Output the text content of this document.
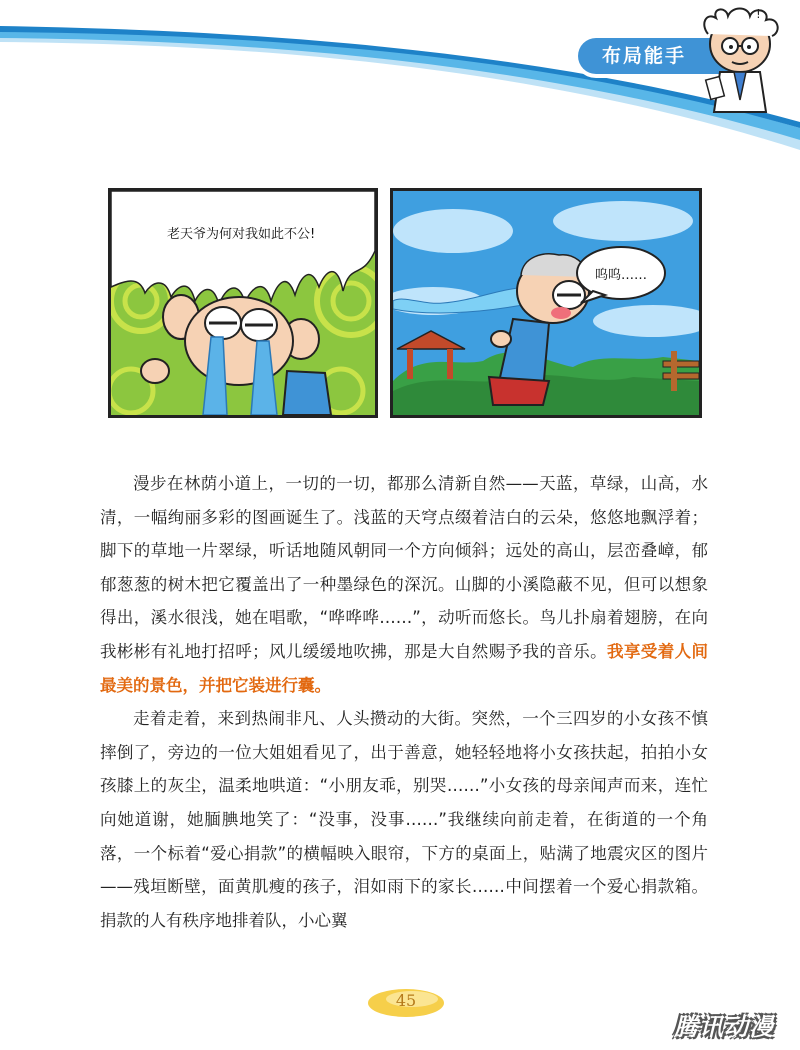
布局能手
!
老天爷为何对我如此不公!
呜呜……

漫步在林荫小道上，一切的一切，都那么清新自然——天蓝，草绿，山高，水清，一幅绚丽多彩的图画诞生了。浅蓝的天穹点缀着洁白的云朵，悠悠地飘浮着；脚下的草地一片翠绿，听话地随风朝同一个方向倾斜；远处的高山，层峦叠嶂，郁郁葱葱的树木把它覆盖出了一种墨绿色的深沉。山脚的小溪隐蔽不见，但可以想象得出，溪水很浅，她在唱歌，“哗哗哗……”，动听而悠长。鸟儿扑扇着翅膀，在向我彬彬有礼地打招呼；风儿缓缓地吹拂，那是大自然赐予我的音乐。我享受着人间最美的景色，并把它装进行囊。

走着走着，来到热闹非凡、人头攒动的大街。突然，一个三四岁的小女孩不慎摔倒了，旁边的一位大姐姐看见了，出于善意，她轻轻地将小女孩扶起，拍拍小女孩膝上的灰尘，温柔地哄道：“小朋友乖，别哭……”小女孩的母亲闻声而来，连忙向她道谢，她腼腆地笑了：“没事，没事……”我继续向前走着，在街道的一个角落，一个标着“爱心捐款”的横幅映入眼帘，下方的桌面上，贴满了地震灾区的图片——残垣断壁，面黄肌瘦的孩子，泪如雨下的家长……中间摆着一个爱心捐款箱。捐款的人有秩序地排着队，小心翼

45
腾讯动漫
